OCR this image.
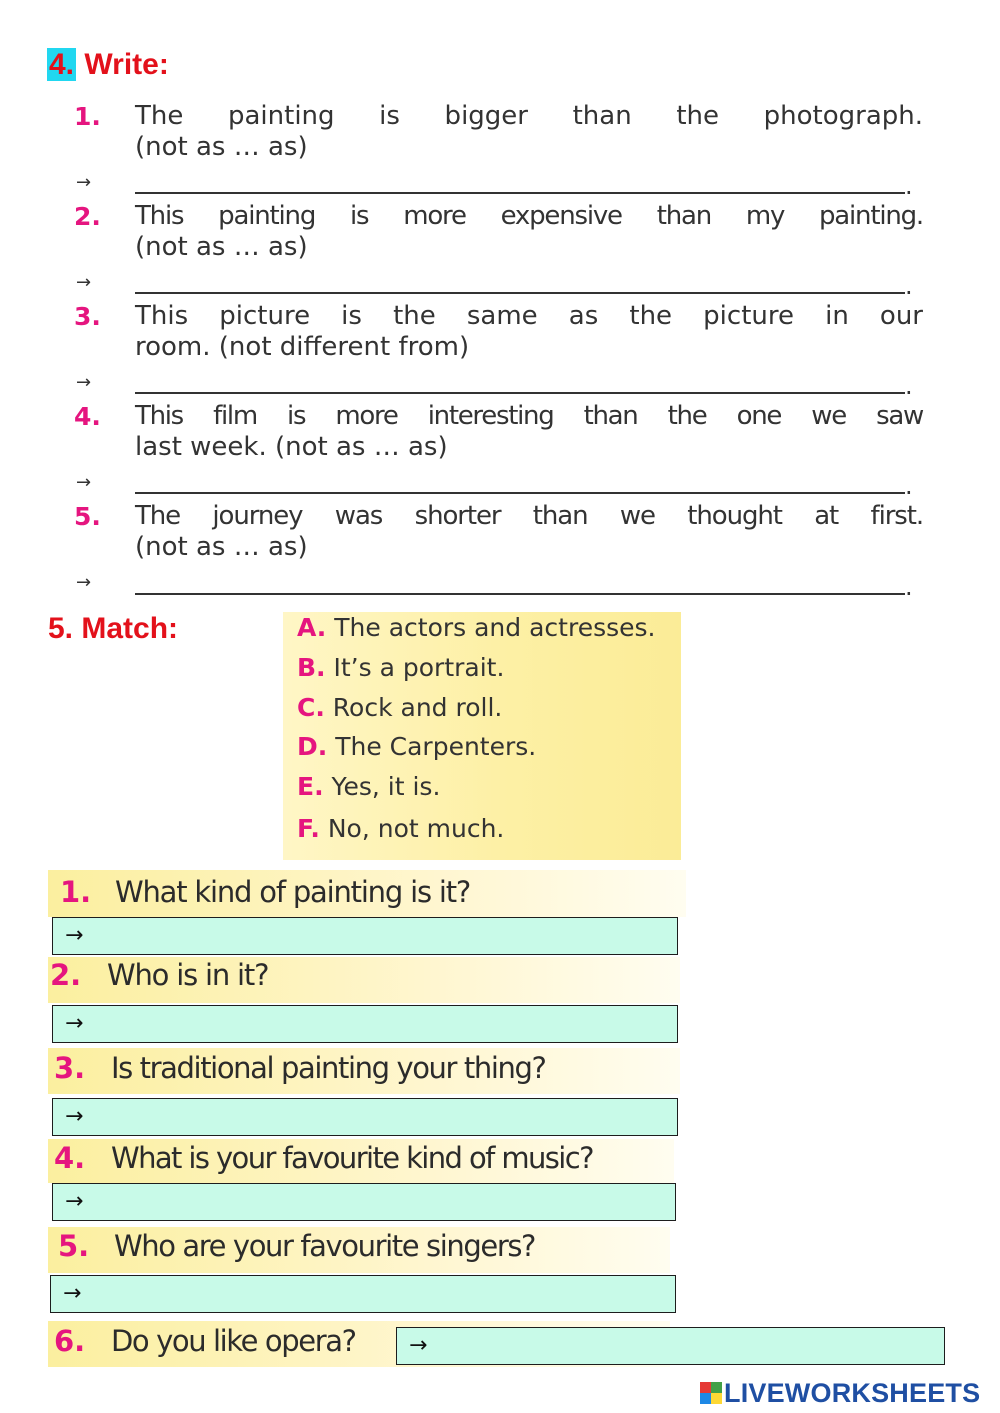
4. Write:
1. The painting is bigger than the photograph.
(not as … as)
→	.
2. This painting is more expensive than my painting.
(not as … as)
→	.
3. This picture is the same as the picture in our
room. (not different from)
→	.
4. This film is more interesting than the one we saw
last week. (not as … as)
→	.
5. The journey was shorter than we thought at first.
(not as … as)
→	.
5. Match:	A. The actors and actresses.
B. It’s a portrait.
C. Rock and roll.
D. The Carpenters.
E. Yes, it is.
F. No, not much.
1. What kind of painting is it?
→
2. Who is in it?
→
3. Is traditional painting your thing?
→
4. What is your favourite kind of music?
→
5. Who are your favourite singers?
→
6. Do you like opera? →
LIVEWORKSHEETS
